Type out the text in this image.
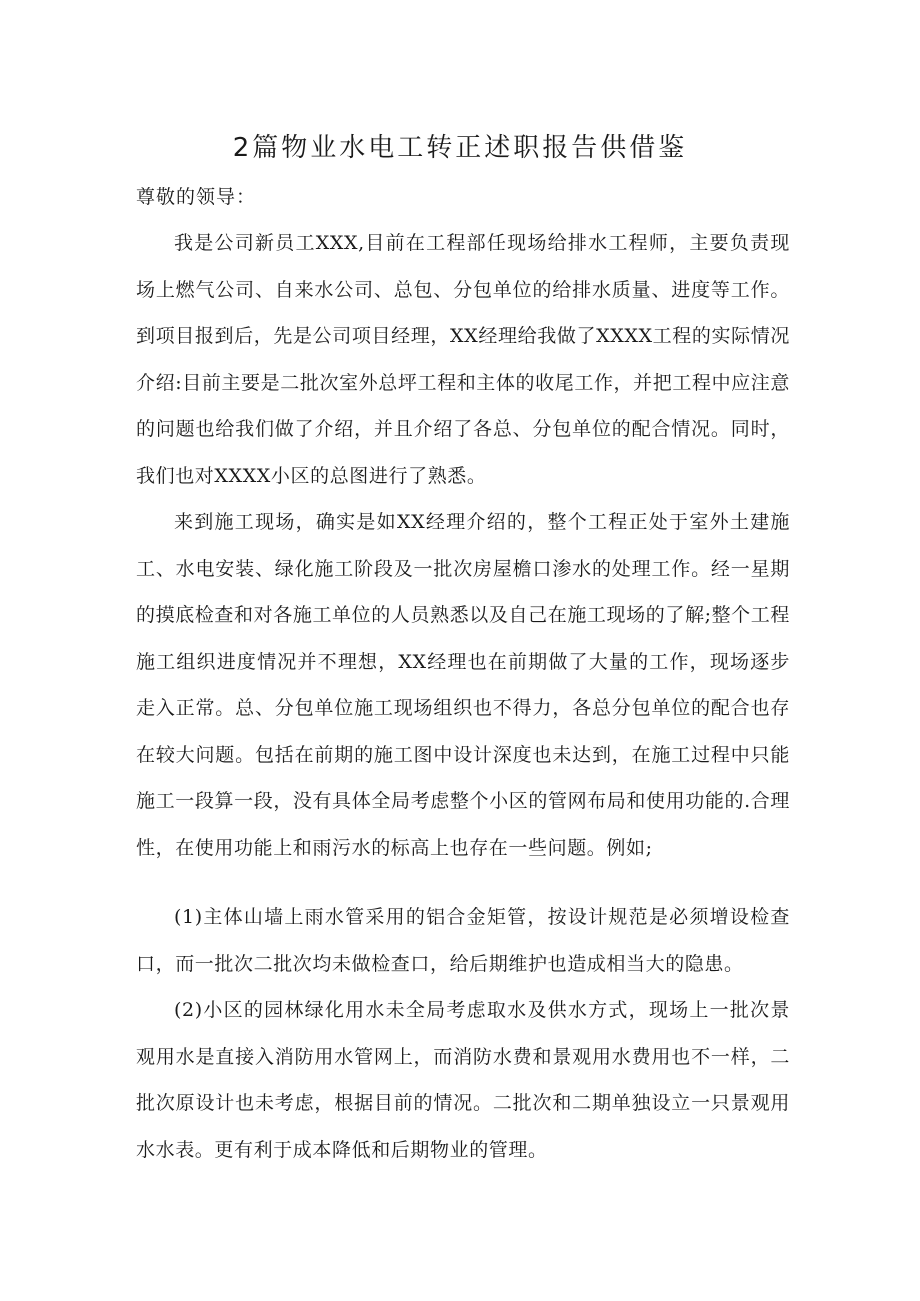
2篇物业水电工转正述职报告供借鉴

尊敬的领导：

我是公司新员工XXX,目前在工程部任现场给排水工程师，主要负责现场上燃气公司、自来水公司、总包、分包单位的给排水质量、进度等工作。到项目报到后，先是公司项目经理，XX经理给我做了XXXX工程的实际情况介绍:目前主要是二批次室外总坪工程和主体的收尾工作，并把工程中应注意的问题也给我们做了介绍，并且介绍了各总、分包单位的配合情况。同时，我们也对XXXX小区的总图进行了熟悉。

来到施工现场，确实是如XX经理介绍的，整个工程正处于室外土建施工、水电安装、绿化施工阶段及一批次房屋檐口渗水的处理工作。经一星期的摸底检查和对各施工单位的人员熟悉以及自己在施工现场的了解;整个工程施工组织进度情况并不理想，XX经理也在前期做了大量的工作，现场逐步走入正常。总、分包单位施工现场组织也不得力，各总分包单位的配合也存在较大问题。包括在前期的施工图中设计深度也未达到，在施工过程中只能施工一段算一段，没有具体全局考虑整个小区的管网布局和使用功能的.合理性，在使用功能上和雨污水的标高上也存在一些问题。例如;

(1)主体山墙上雨水管采用的铝合金矩管，按设计规范是必须增设检查口，而一批次二批次均未做检查口，给后期维护也造成相当大的隐患。

(2)小区的园林绿化用水未全局考虑取水及供水方式，现场上一批次景观用水是直接入消防用水管网上，而消防水费和景观用水费用也不一样，二批次原设计也未考虑，根据目前的情况。二批次和二期单独设立一只景观用水水表。更有利于成本降低和后期物业的管理。
